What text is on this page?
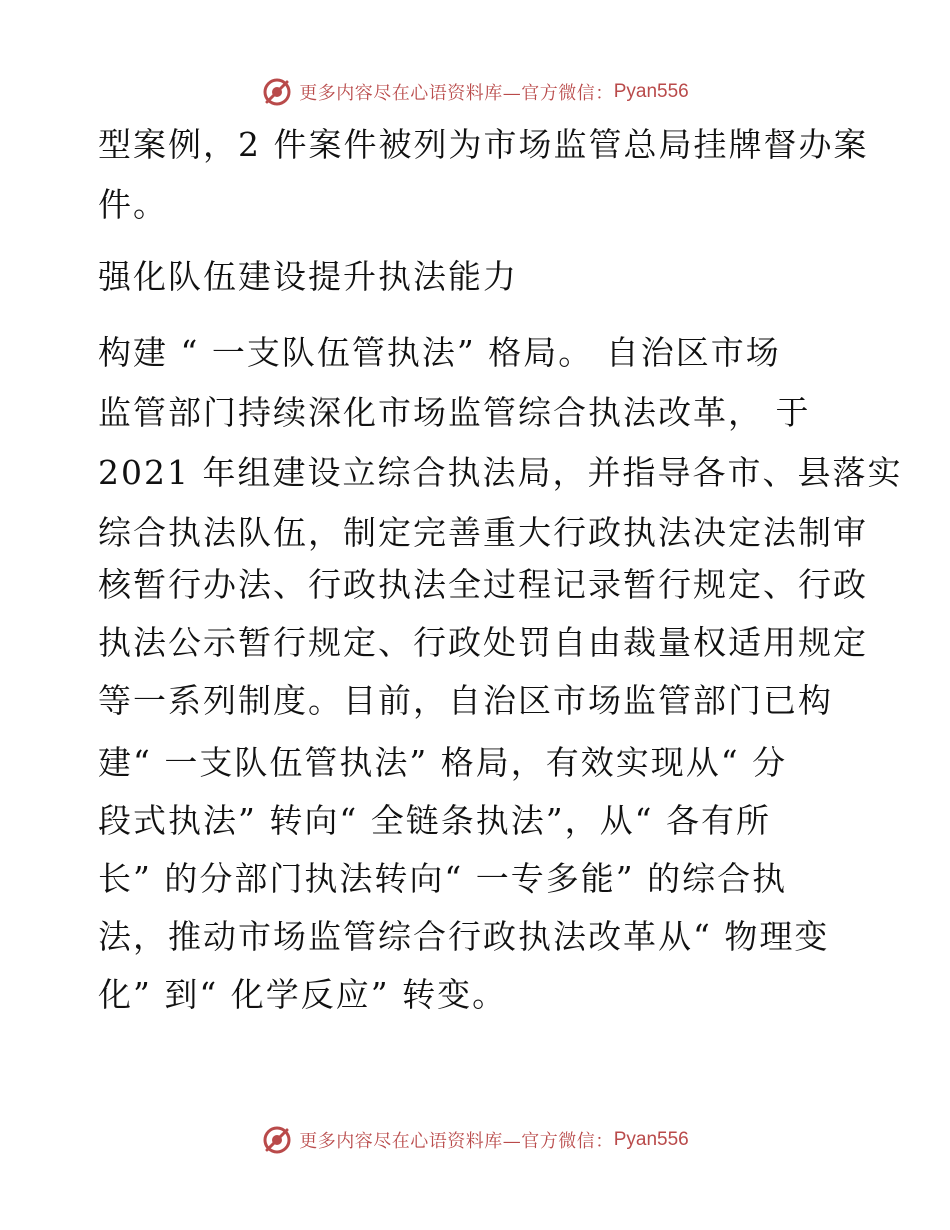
更多内容尽在心语资料库—官方微信： Pyan556
型案例，2 件案件被列为市场监管总局挂牌督办案
件。
强化队伍建设提升执法能力
构建 “ 一支队伍管执法” 格局。 自治区市场
监管部门持续深化市场监管综合执法改革， 于
2021 年组建设立综合执法局，并指导各市、县落实
综合执法队伍，制定完善重大行政执法决定法制审
核暂行办法、行政执法全过程记录暂行规定、行政
执法公示暂行规定、行政处罚自由裁量权适用规定
等一系列制度。目前，自治区市场监管部门已构
建“ 一支队伍管执法” 格局，有效实现从“ 分
段式执法” 转向“ 全链条执法”，从“ 各有所
长” 的分部门执法转向“ 一专多能” 的综合执
法，推动市场监管综合行政执法改革从“ 物理变
化” 到“ 化学反应” 转变。
更多内容尽在心语资料库—官方微信： Pyan556
